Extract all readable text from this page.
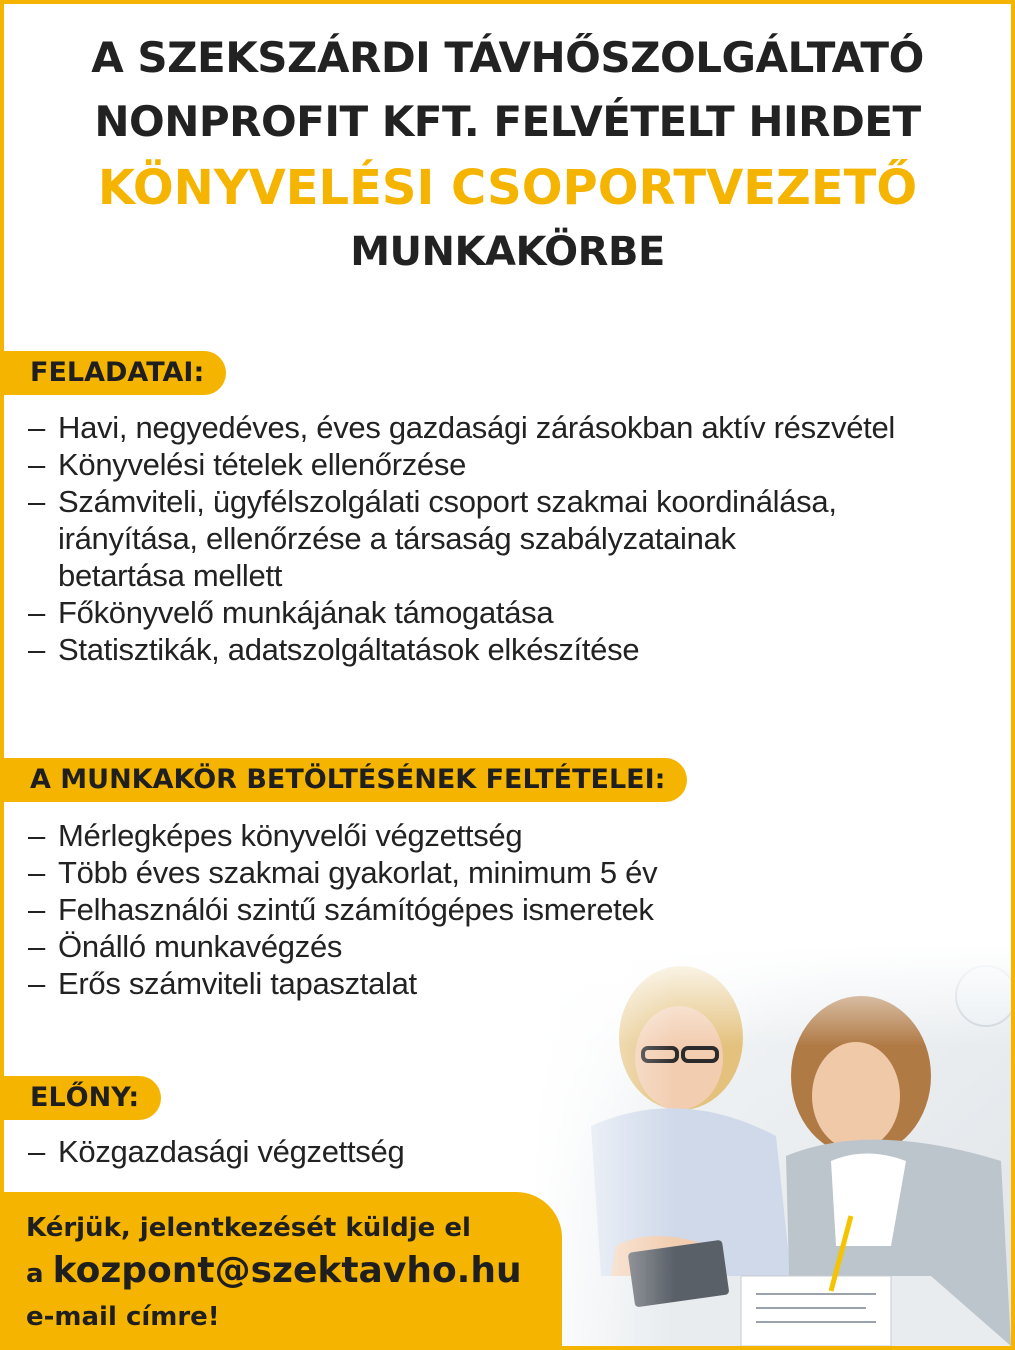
A SZEKSZÁRDI TÁVHŐSZOLGÁLTATÓ
NONPROFIT KFT. FELVÉTELT HIRDET
KÖNYVELÉSI CSOPORTVEZETŐ
MUNKAKÖRBE
FELADATAI:
– Havi, negyedéves, éves gazdasági zárásokban aktív részvétel
– Könyvelési tételek ellenőrzése
– Számviteli, ügyfélszolgálati csoport szakmai koordinálása,
irányítása, ellenőrzése a társaság szabályzatainak
betartása mellett
– Főkönyvelő munkájának támogatása
– Statisztikák, adatszolgáltatások elkészítése
A MUNKAKÖR BETÖLTÉSÉNEK FELTÉTELEI:
– Mérlegképes könyvelői végzettség
– Több éves szakmai gyakorlat, minimum 5 év
– Felhasználói szintű számítógépes ismeretek
– Önálló munkavégzés
– Erős számviteli tapasztalat
ELŐNY:
– Közgazdasági végzettség
Kérjük, jelentkezését küldje el
a kozpont@szektavho.hu
e-mail címre!
